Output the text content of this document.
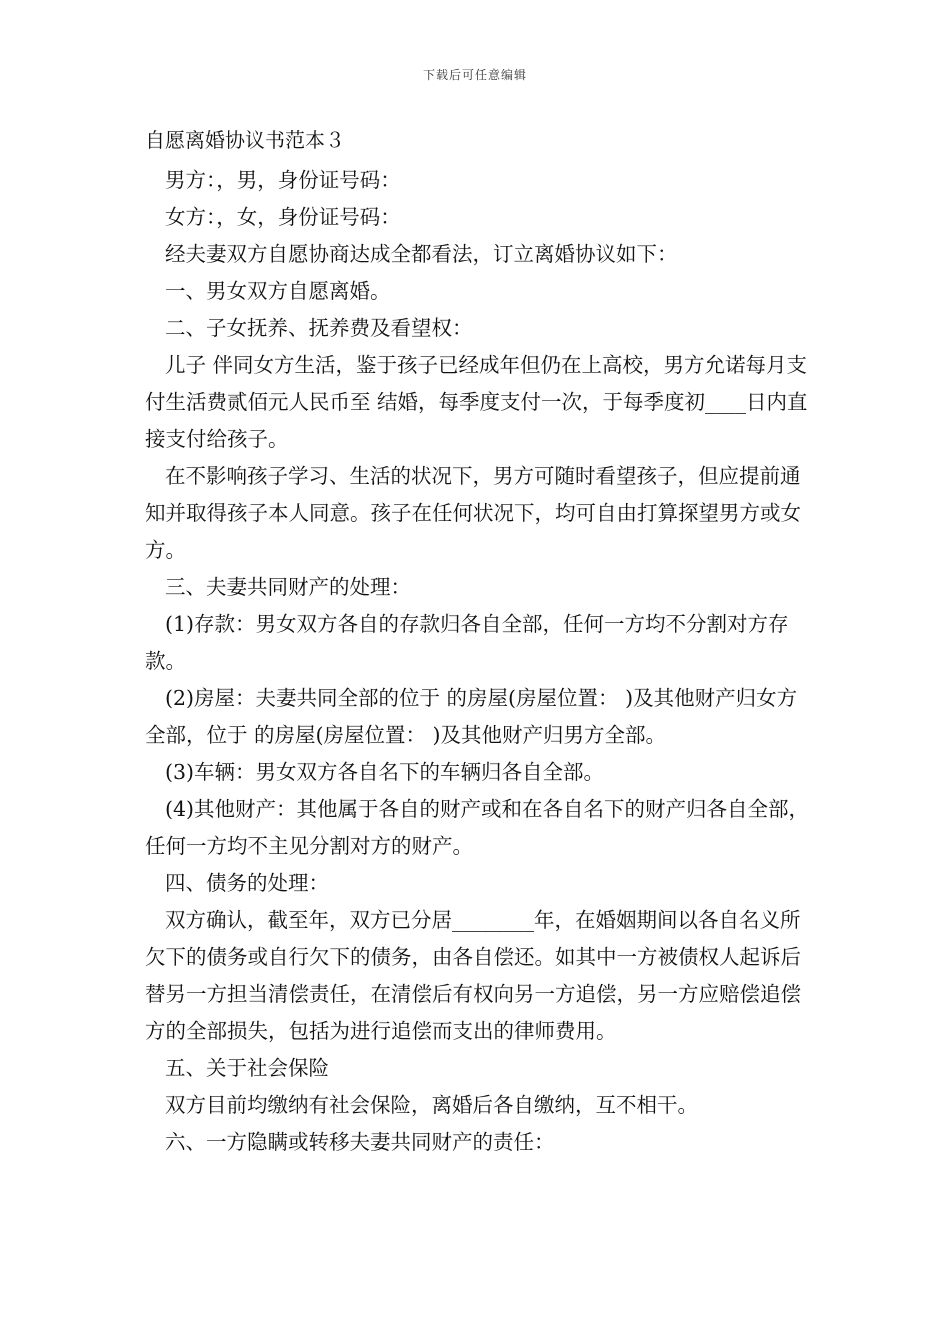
下载后可任意编辑
自愿离婚协议书范本３

男方：，男，身份证号码：

女方：，女，身份证号码：

经夫妻双方自愿协商达成全都看法，订立离婚协议如下：

一、男女双方自愿离婚。

二、子女抚养、抚养费及看望权：

儿子 伴同女方生活，鉴于孩子已经成年但仍在上高校，男方允诺每月支付生活费贰佰元人民币至 结婚，每季度支付一次，于每季度初____日内直接支付给孩子。

在不影响孩子学习、生活的状况下，男方可随时看望孩子，但应提前通知并取得孩子本人同意。孩子在任何状况下，均可自由打算探望男方或女方。

三、夫妻共同财产的处理：

(1)存款：男女双方各自的存款归各自全部，任何一方均不分割对方存款。

(2)房屋：夫妻共同全部的位于 的房屋(房屋位置： )及其他财产归女方全部，位于 的房屋(房屋位置： )及其他财产归男方全部。

(3)车辆：男女双方各自名下的车辆归各自全部。

(4)其他财产：其他属于各自的财产或和在各自名下的财产归各自全部，任何一方均不主见分割对方的财产。

四、债务的处理：

双方确认，截至年，双方已分居________年，在婚姻期间以各自名义所欠下的债务或自行欠下的债务，由各自偿还。如其中一方被债权人起诉后替另一方担当清偿责任，在清偿后有权向另一方追偿，另一方应赔偿追偿方的全部损失，包括为进行追偿而支出的律师费用。

五、关于社会保险

双方目前均缴纳有社会保险，离婚后各自缴纳，互不相干。

六、一方隐瞒或转移夫妻共同财产的责任：
